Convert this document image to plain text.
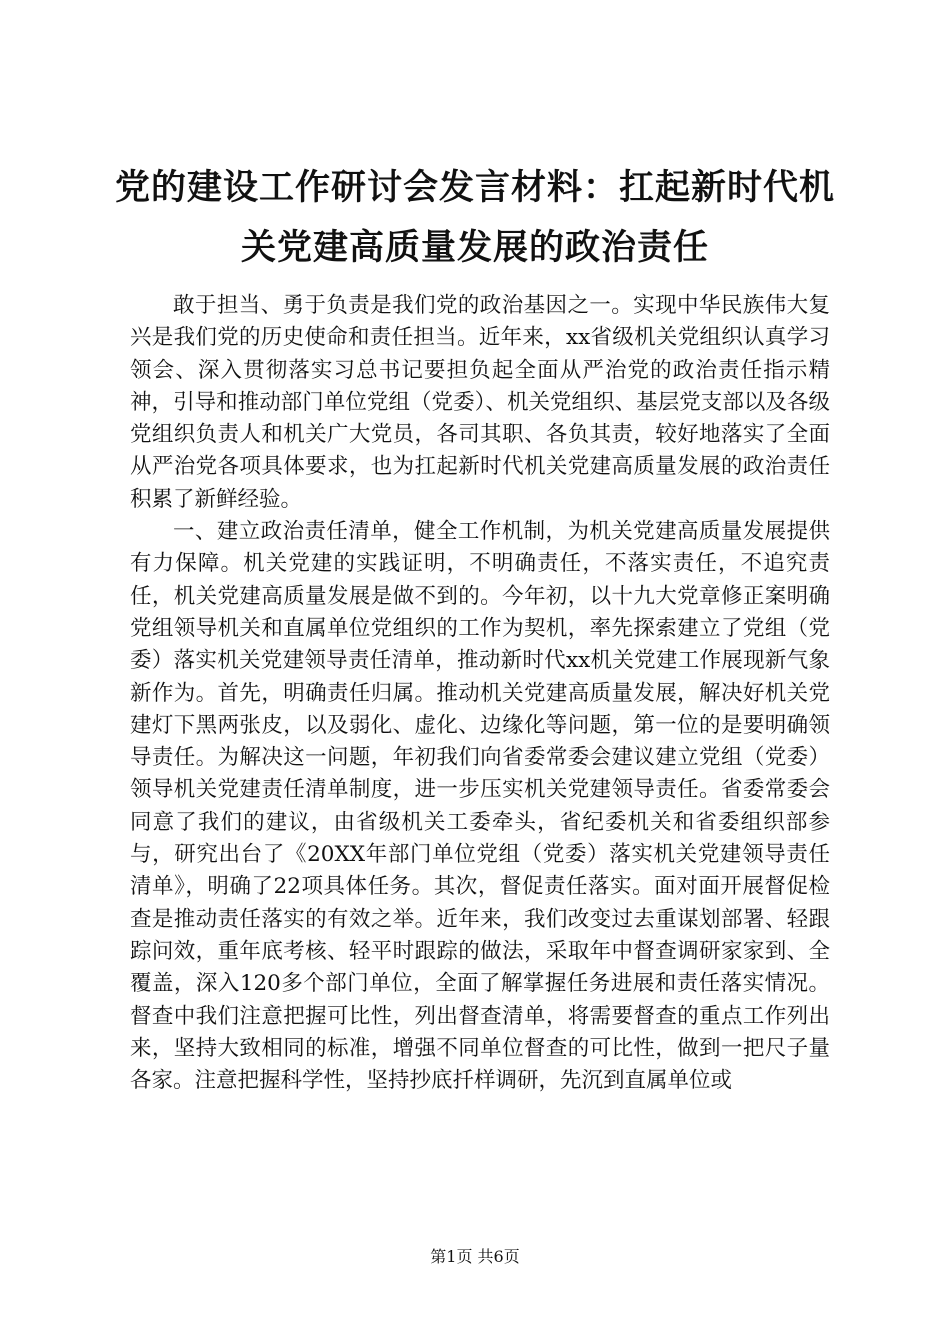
党的建设工作研讨会发言材料：扛起新时代机
关党建高质量发展的政治责任

敢于担当、勇于负责是我们党的政治基因之一。实现中华民族伟大复兴是我们党的历史使命和责任担当。近年来，xx省级机关党组织认真学习领会、深入贯彻落实习总书记要担负起全面从严治党的政治责任指示精神，引导和推动部门单位党组（党委）、机关党组织、基层党支部以及各级党组织负责人和机关广大党员，各司其职、各负其责，较好地落实了全面从严治党各项具体要求，也为扛起新时代机关党建高质量发展的政治责任积累了新鲜经验。

一、建立政治责任清单，健全工作机制，为机关党建高质量发展提供有力保障。机关党建的实践证明，不明确责任，不落实责任，不追究责任，机关党建高质量发展是做不到的。今年初，以十九大党章修正案明确党组领导机关和直属单位党组织的工作为契机，率先探索建立了党组（党委）落实机关党建领导责任清单，推动新时代xx机关党建工作展现新气象新作为。首先，明确责任归属。推动机关党建高质量发展，解决好机关党建灯下黑两张皮，以及弱化、虚化、边缘化等问题，第一位的是要明确领导责任。为解决这一问题，年初我们向省委常委会建议建立党组（党委）领导机关党建责任清单制度，进一步压实机关党建领导责任。省委常委会同意了我们的建议，由省级机关工委牵头，省纪委机关和省委组织部参与，研究出台了《20XX年部门单位党组（党委）落实机关党建领导责任清单》，明确了22项具体任务。其次，督促责任落实。面对面开展督促检查是推动责任落实的有效之举。近年来，我们改变过去重谋划部署、轻跟踪问效，重年底考核、轻平时跟踪的做法，采取年中督查调研家家到、全覆盖，深入120多个部门单位，全面了解掌握任务进展和责任落实情况。督查中我们注意把握可比性，列出督查清单，将需要督查的重点工作列出来，坚持大致相同的标准，增强不同单位督查的可比性，做到一把尺子量各家。注意把握科学性，坚持抄底扦样调研，先沉到直属单位或

第1页 共6页
